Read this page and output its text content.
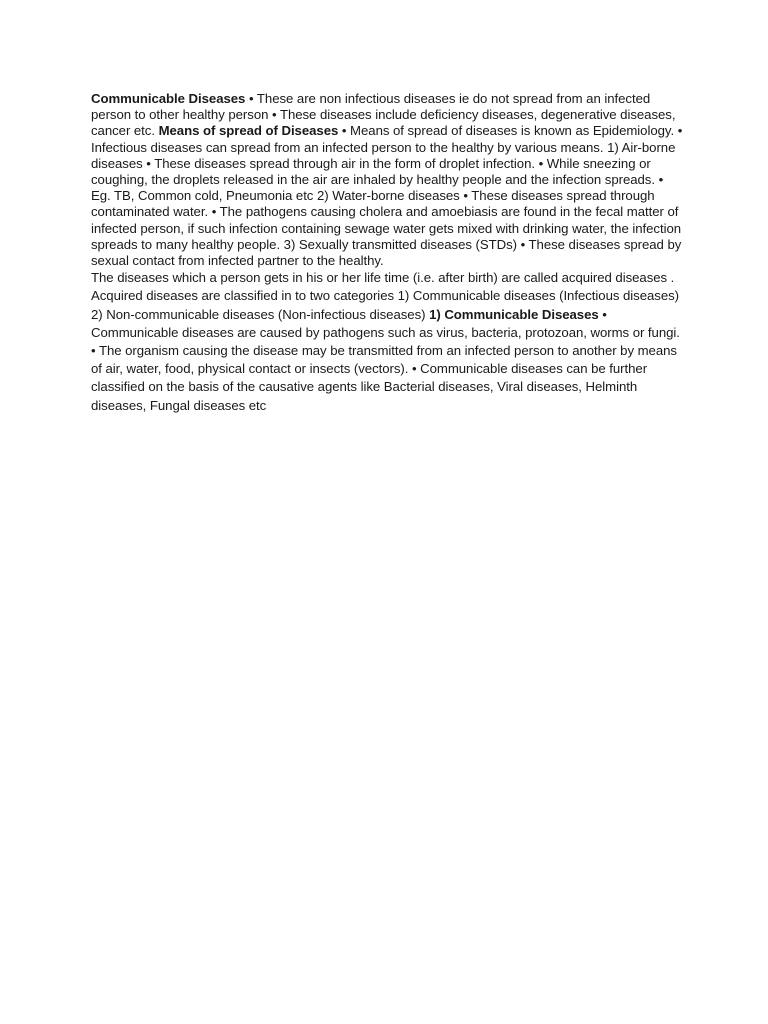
Communicable Diseases • These are non infectious diseases ie do not spread from an infected person to other healthy person • These diseases include deficiency diseases, degenerative diseases, cancer etc. Means of spread of Diseases • Means of spread of diseases is known as Epidemiology. • Infectious diseases can spread from an infected person to the healthy by various means. 1) Air-borne diseases • These diseases spread through air in the form of droplet infection. • While sneezing or coughing, the droplets released in the air are inhaled by healthy people and the infection spreads. • Eg. TB, Common cold, Pneumonia etc 2) Water-borne diseases • These diseases spread through contaminated water. • The pathogens causing cholera and amoebiasis are found in the fecal matter of infected person, if such infection containing sewage water gets mixed with drinking water, the infection spreads to many healthy people. 3) Sexually transmitted diseases (STDs) • These diseases spread by sexual contact from infected partner to the healthy.

The diseases which a person gets in his or her life time (i.e. after birth) are called acquired diseases . Acquired diseases are classified in to two categories 1) Communicable diseases (Infectious diseases) 2) Non-communicable diseases (Non-infectious diseases) 1) Communicable Diseases • Communicable diseases are caused by pathogens such as virus, bacteria, protozoan, worms or fungi. • The organism causing the disease may be transmitted from an infected person to another by means of air, water, food, physical contact or insects (vectors). • Communicable diseases can be further classified on the basis of the causative agents like Bacterial diseases, Viral diseases, Helminth diseases, Fungal diseases etc
